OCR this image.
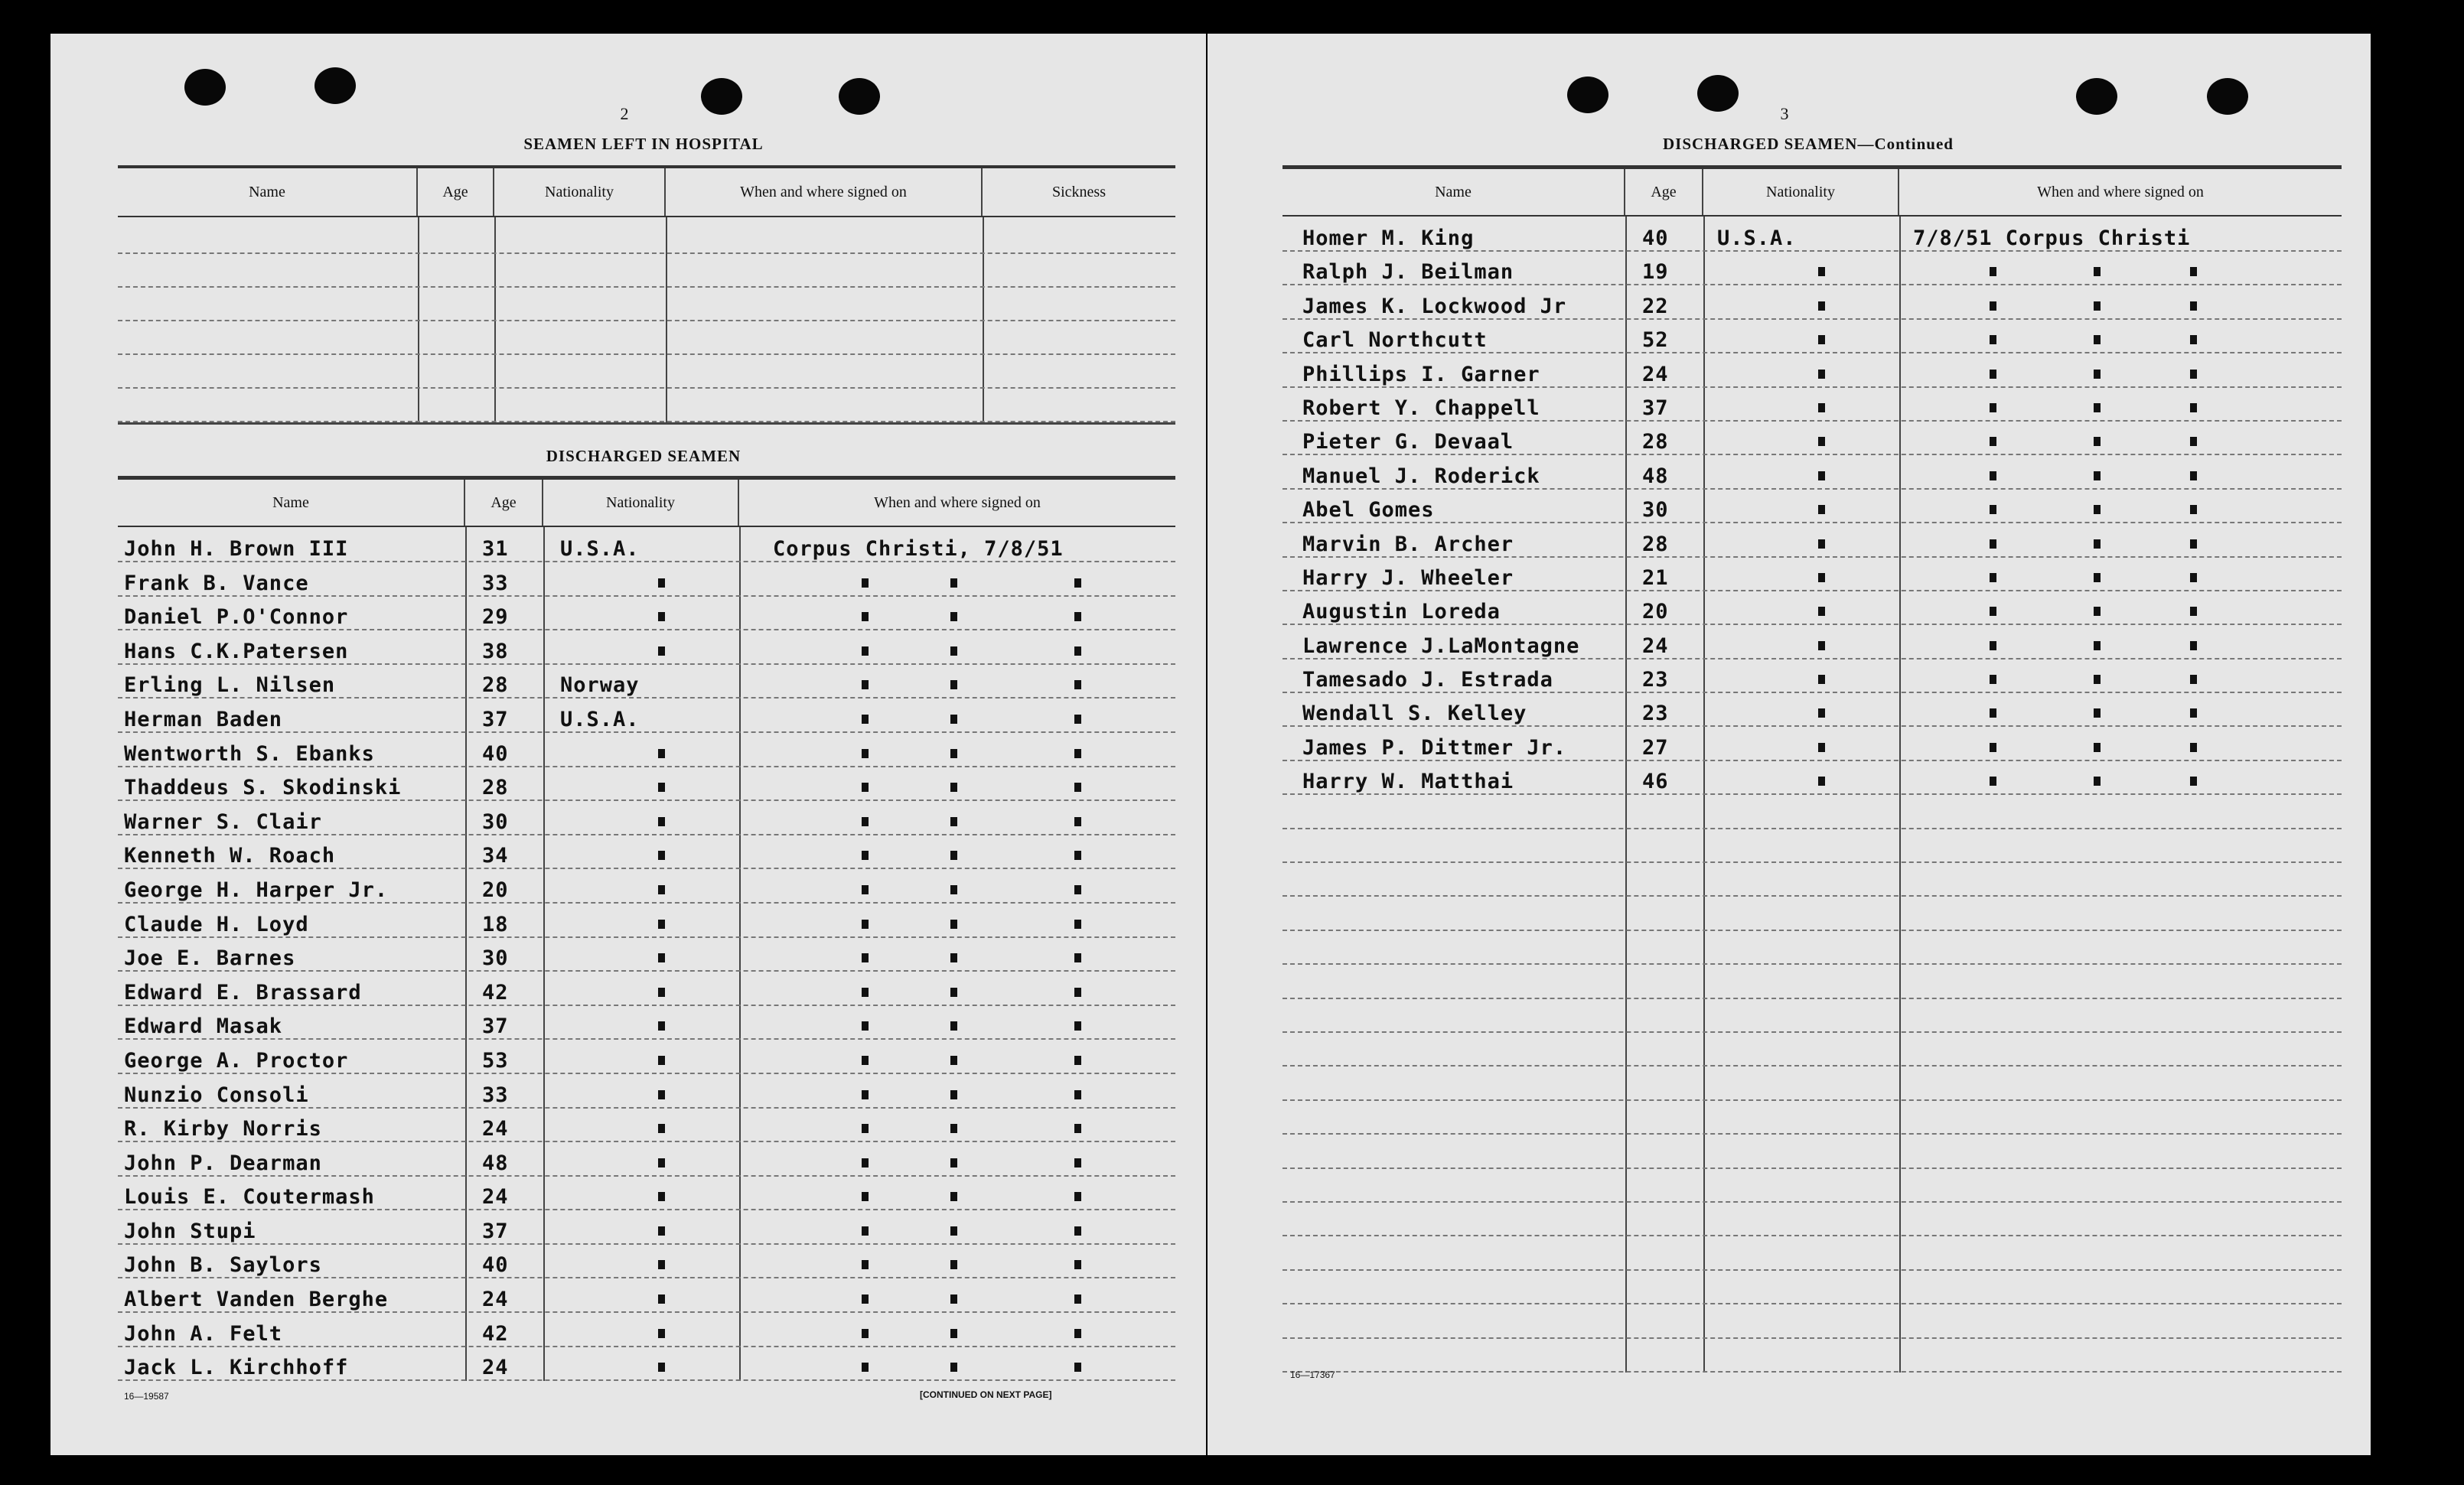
2
SEAMEN LEFT IN HOSPITAL
Name	Age	Nationality	When and where signed on	Sickness
DISCHARGED SEAMEN
Name	Age	Nationality	When and where signed on
John H. Brown III	31 U.S.A.	Corpus Christi, 7/8/51
Frank B. Vance	33
Daniel P.O'Connor	29
Hans C.K.Patersen	38
Erling L. Nilsen	28 Norway
Herman Baden	37 U.S.A.
Wentworth S. Ebanks	40
Thaddeus S. Skodinski	28
Warner S. Clair	30
Kenneth W. Roach	34
George H. Harper Jr.	20
Claude H. Loyd	18
Joe E. Barnes	30
Edward E. Brassard	42
Edward Masak	37
George A. Proctor	53
Nunzio Consoli	33
R. Kirby Norris	24
John P. Dearman	48
Louis E. Coutermash	24
John Stupi	37
John B. Saylors	40
Albert Vanden Berghe	24
John A. Felt	42
Jack L. Kirchhoff	24
16—19587	[CONTINUED ON NEXT PAGE]
3
DISCHARGED SEAMEN—Continued
Name	Age	Nationality	When and where signed on
Homer M. King	40 U.S.A.	7/8/51 Corpus Christi
Ralph J. Beilman	19
James K. Lockwood Jr	22
Carl Northcutt	52
Phillips I. Garner	24
Robert Y. Chappell	37
Pieter G. Devaal	28
Manuel J. Roderick	48
Abel Gomes	30
Marvin B. Archer	28
Harry J. Wheeler	21
Augustin Loreda	20
Lawrence J.LaMontagne	24
Tamesado J. Estrada	23
Wendall S. Kelley	23
James P. Dittmer Jr.	27
Harry W. Matthai	46
16—17367
